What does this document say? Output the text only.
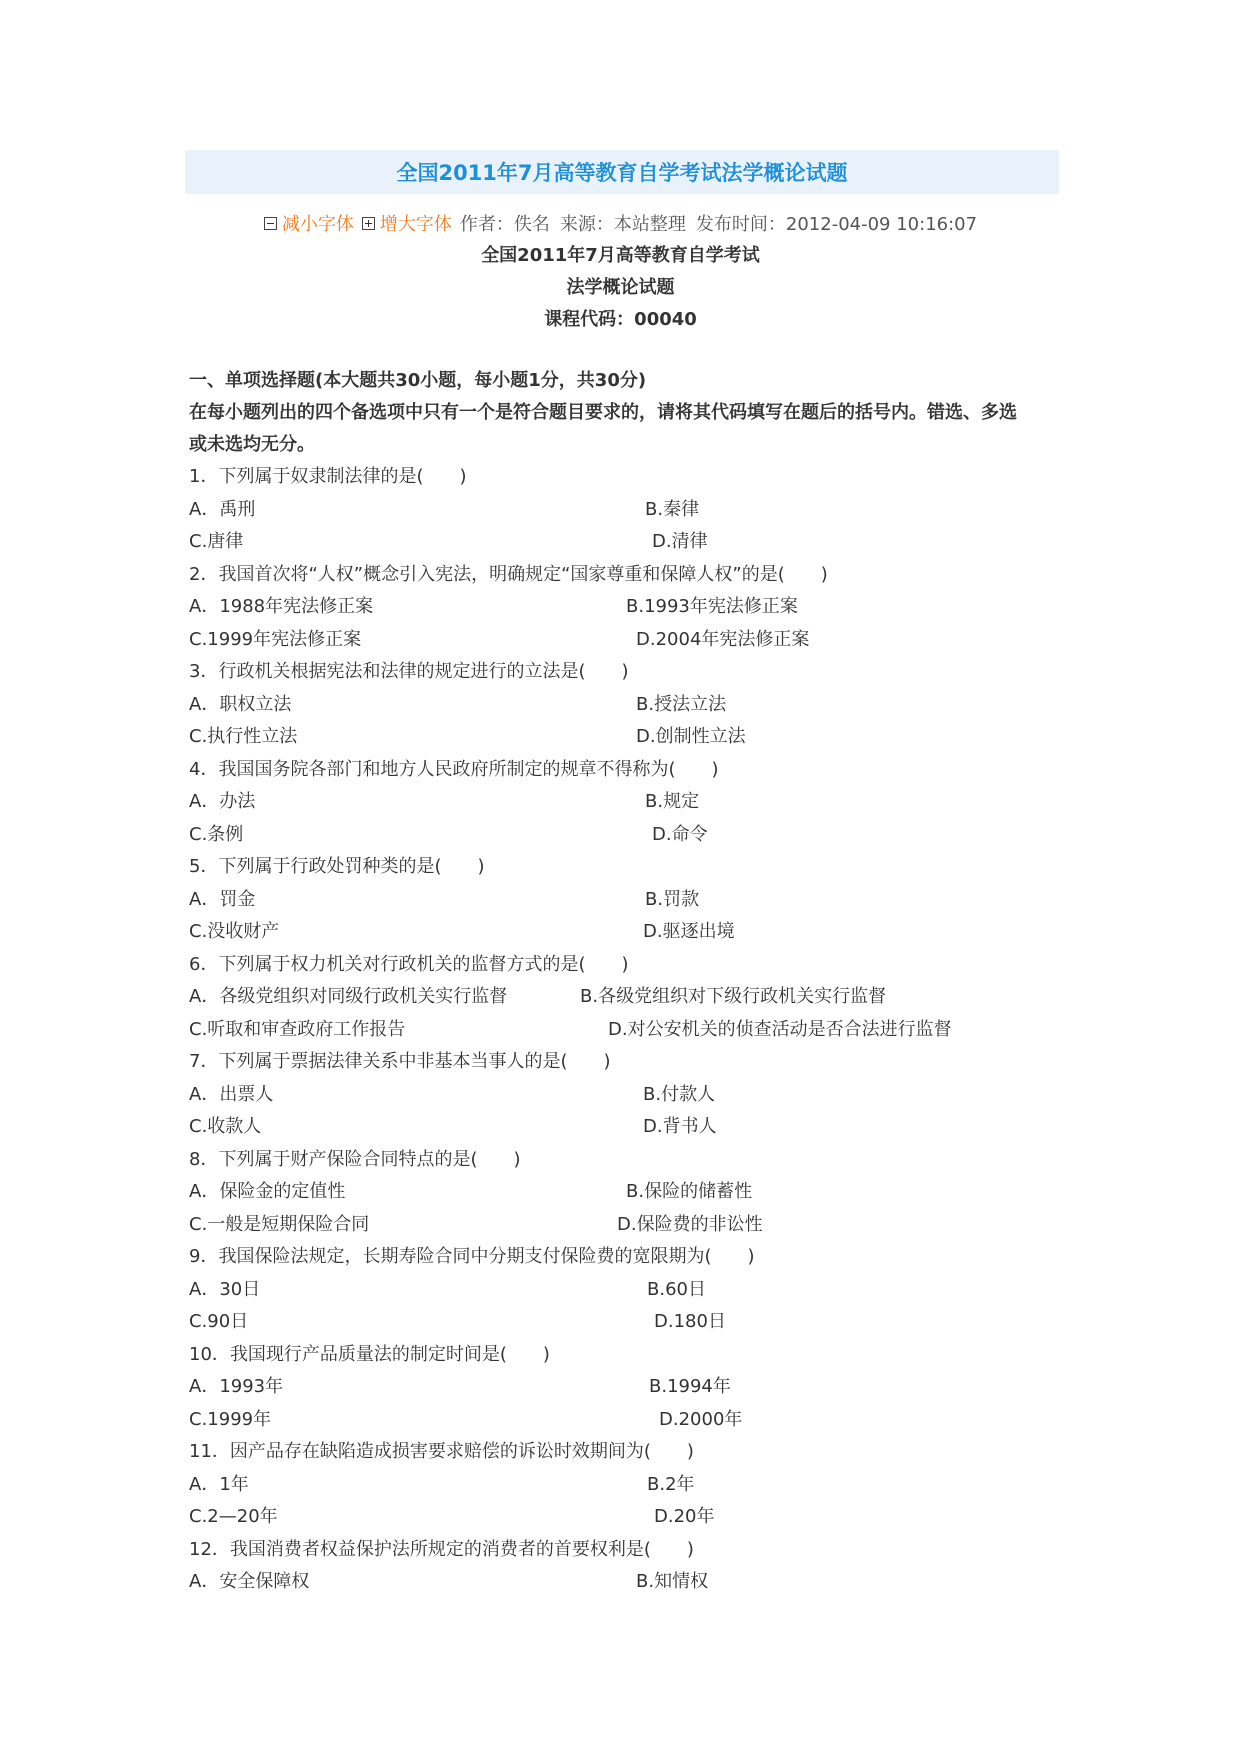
全国2011年7月高等教育自学考试法学概论试题
减小字体 增大字体 作者：佚名 来源：本站整理 发布时间：2012-04-09 10:16:07
全国2011年7月高等教育自学考试
法学概论试题
课程代码：00040
一、单项选择题(本大题共30小题，每小题1分，共30分)
在每小题列出的四个备选项中只有一个是符合题目要求的，请将其代码填写在题后的括号内。错选、多选
或未选均无分。
1．下列属于奴隶制法律的是(　　)
A．禹刑	B.秦律
C.唐律	D.清律
2．我国首次将“人权”概念引入宪法，明确规定“国家尊重和保障人权”的是(　　)
A．1988年宪法修正案	B.1993年宪法修正案
C.1999年宪法修正案	D.2004年宪法修正案
3．行政机关根据宪法和法律的规定进行的立法是(　　)
A．职权立法	B.授法立法
C.执行性立法	D.创制性立法
4．我国国务院各部门和地方人民政府所制定的规章不得称为(　　)
A．办法	B.规定
C.条例	D.命令
5．下列属于行政处罚种类的是(　　)
A．罚金	B.罚款
C.没收财产	D.驱逐出境
6．下列属于权力机关对行政机关的监督方式的是(　　)
A．各级党组织对同级行政机关实行监督	B.各级党组织对下级行政机关实行监督
C.听取和审查政府工作报告	D.对公安机关的侦查活动是否合法进行监督
7．下列属于票据法律关系中非基本当事人的是(　　)
A．出票人	B.付款人
C.收款人	D.背书人
8．下列属于财产保险合同特点的是(　　)
A．保险金的定值性	B.保险的储蓄性
C.一般是短期保险合同	D.保险费的非讼性
9．我国保险法规定，长期寿险合同中分期支付保险费的宽限期为(　　)
A．30日	B.60日
C.90日	D.180日
10．我国现行产品质量法的制定时间是(　　)
A．1993年	B.1994年
C.1999年	D.2000年
11．因产品存在缺陷造成损害要求赔偿的诉讼时效期间为(　　)
A．1年	B.2年
C.2—20年	D.20年
12．我国消费者权益保护法所规定的消费者的首要权利是(　　)
A．安全保障权	B.知情权
